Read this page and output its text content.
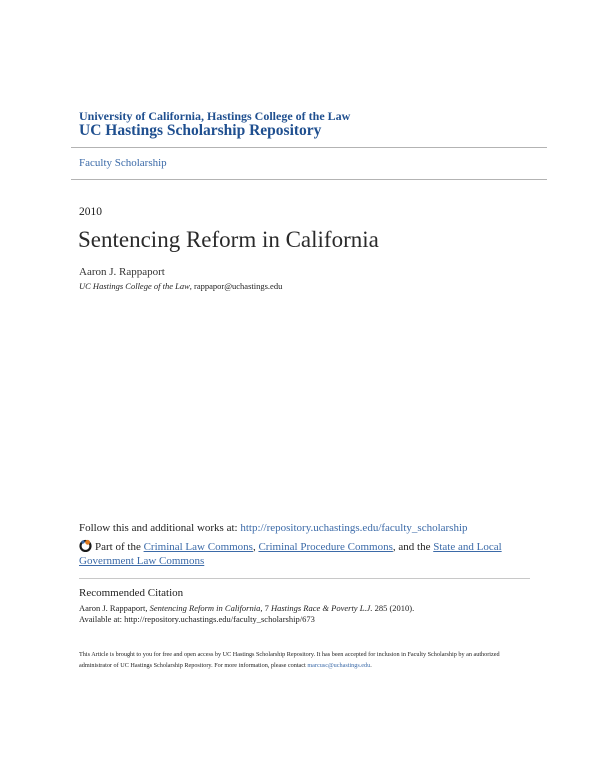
University of California, Hastings College of the Law
UC Hastings Scholarship Repository
Faculty Scholarship
2010
Sentencing Reform in California
Aaron J. Rappaport
UC Hastings College of the Law, rappapor@uchastings.edu
Follow this and additional works at: http://repository.uchastings.edu/faculty_scholarship
Part of the Criminal Law Commons, Criminal Procedure Commons, and the State and Local Government Law Commons
Recommended Citation
Aaron J. Rappaport, Sentencing Reform in California, 7 Hastings Race & Poverty L.J. 285 (2010).
Available at: http://repository.uchastings.edu/faculty_scholarship/673
This Article is brought to you for free and open access by UC Hastings Scholarship Repository. It has been accepted for inclusion in Faculty Scholarship by an authorized administrator of UC Hastings Scholarship Repository. For more information, please contact marcusc@uchastings.edu.
